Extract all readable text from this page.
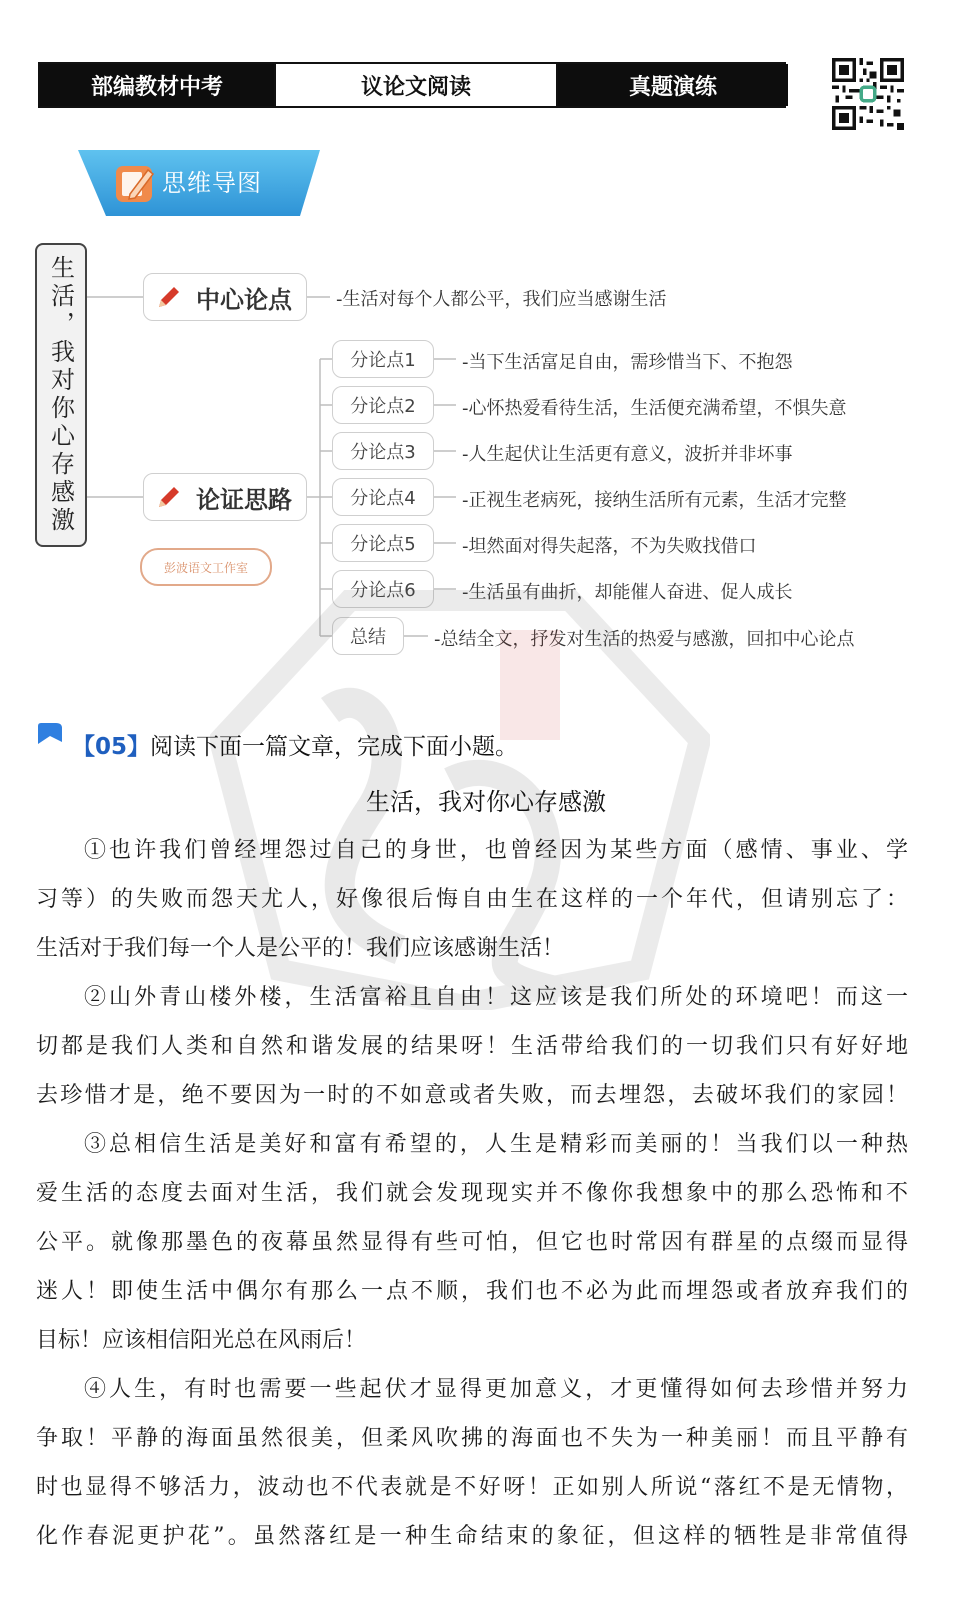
部编教材中考	议论文阅读	真题演练
思维导图
生活，我对你心存感激	中心论点 -生活对每个人都公平，我们应当感谢生活
论证思路
彭波语文工作室
分论点1	-当下生活富足自由，需珍惜当下、不抱怨
分论点2	-心怀热爱看待生活，生活便充满希望，不惧失意
分论点3	-人生起伏让生活更有意义，波折并非坏事
分论点4	-正视生老病死，接纳生活所有元素，生活才完整
分论点5	-坦然面对得失起落，不为失败找借口
分论点6	-生活虽有曲折，却能催人奋进、促人成长
总结	-总结全文，抒发对生活的热爱与感激，回扣中心论点
【05】阅读下面一篇文章，完成下面小题。
生活，我对你心存感激
①也许我们曾经埋怨过自己的身世，也曾经因为某些方面（感情、事业、学
习等）的失败而怨天尤人，好像很后悔自由生在这样的一个年代，但请别忘了：
生活对于我们每一个人是公平的！我们应该感谢生活！
②山外青山楼外楼，生活富裕且自由！这应该是我们所处的环境吧！而这一
切都是我们人类和自然和谐发展的结果呀！生活带给我们的一切我们只有好好地
去珍惜才是，绝不要因为一时的不如意或者失败，而去埋怨，去破坏我们的家园！
③总相信生活是美好和富有希望的，人生是精彩而美丽的！当我们以一种热
爱生活的态度去面对生活，我们就会发现现实并不像你我想象中的那么恐怖和不
公平。就像那墨色的夜幕虽然显得有些可怕，但它也时常因有群星的点缀而显得
迷人！即使生活中偶尔有那么一点不顺，我们也不必为此而埋怨或者放弃我们的
目标！应该相信阳光总在风雨后！
④人生，有时也需要一些起伏才显得更加意义，才更懂得如何去珍惜并努力
争取！平静的海面虽然很美，但柔风吹拂的海面也不失为一种美丽！而且平静有
时也显得不够活力，波动也不代表就是不好呀！正如别人所说“落红不是无情物，
化作春泥更护花”。虽然落红是一种生命结束的象征，但这样的牺牲是非常值得
